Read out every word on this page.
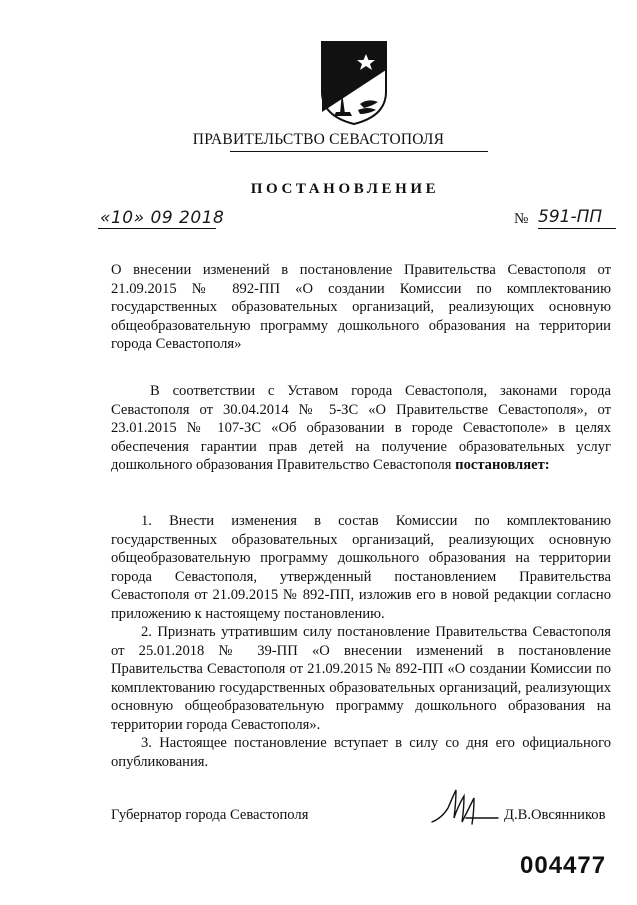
ПРАВИТЕЛЬСТВО СЕВАСТОПОЛЯ
ПОСТАНОВЛЕНИЕ
«10» 09 2018	№ 591-ПП
О внесении изменений в постановление Правительства Севастополя от 21.09.2015 № 892-ПП «О создании Комиссии по комплектованию государственных образовательных организаций, реализующих основную общеобразовательную программу дошкольного образования на территории города Севастополя»
В соответствии с Уставом города Севастополя, законами города Севастополя от 30.04.2014 № 5-ЗС «О Правительстве Севастополя», от 23.01.2015 № 107-ЗС «Об образовании в городе Севастополе» в целях обеспечения гарантии прав детей на получение образовательных услуг дошкольного образования Правительство Севастополя постановляет:

1. Внести изменения в состав Комиссии по комплектованию государственных образовательных организаций, реализующих основную общеобразовательную программу дошкольного образования на территории города Севастополя, утвержденный постановлением Правительства Севастополя от 21.09.2015 № 892-ПП, изложив его в новой редакции согласно приложению к настоящему постановлению.

2. Признать утратившим силу постановление Правительства Севастополя от 25.01.2018 № 39-ПП «О внесении изменений в постановление Правительства Севастополя от 21.09.2015 № 892-ПП «О создании Комиссии по комплектованию государственных образовательных организаций, реализующих основную общеобразовательную программу дошкольного образования на территории города Севастополя».

3. Настоящее постановление вступает в силу со дня его официального опубликования.

Губернатор города Севастополя	Д.В.Овсянников
004477
